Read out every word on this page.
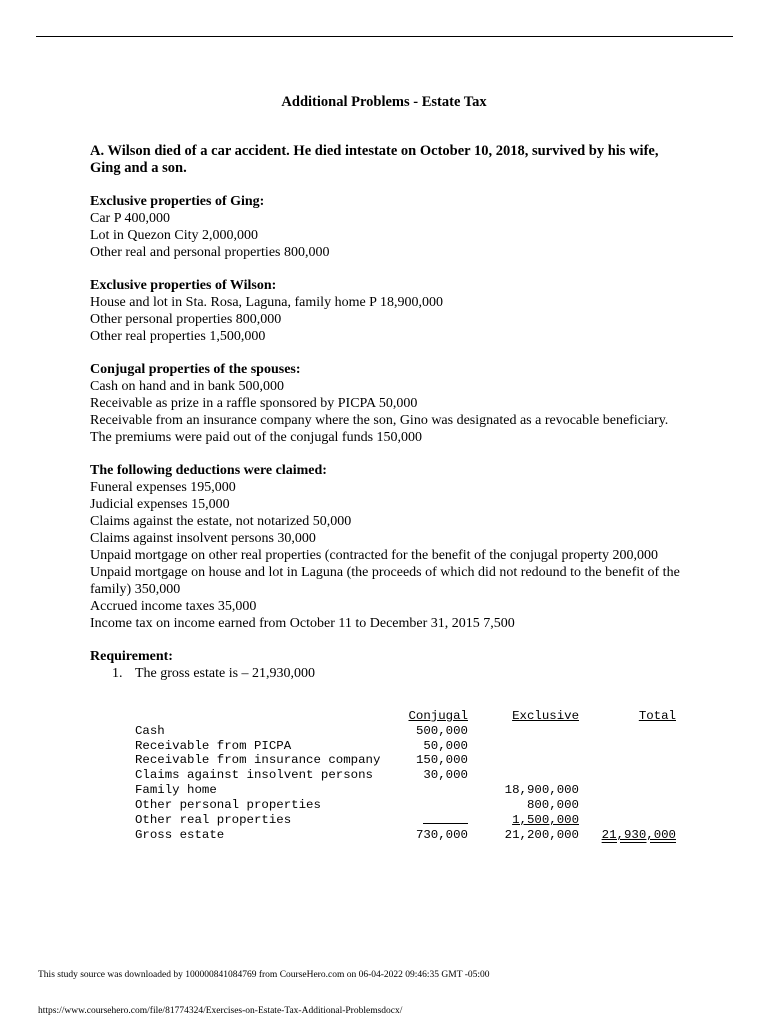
Additional Problems - Estate Tax
A. Wilson died of a car accident. He died intestate on October 10, 2018, survived by his wife, Ging and a son.
Exclusive properties of Ging:
Car P 400,000
Lot in Quezon City 2,000,000
Other real and personal properties 800,000
Exclusive properties of Wilson:
House and lot in Sta. Rosa, Laguna, family home P 18,900,000
Other personal properties 800,000
Other real properties 1,500,000
Conjugal properties of the spouses:
Cash on hand and in bank 500,000
Receivable as prize in a raffle sponsored by PICPA 50,000
Receivable from an insurance company where the son, Gino was designated as a revocable beneficiary. The premiums were paid out of the conjugal funds 150,000
The following deductions were claimed:
Funeral expenses 195,000
Judicial expenses 15,000
Claims against the estate, not notarized 50,000
Claims against insolvent persons 30,000
Unpaid mortgage on other real properties (contracted for the benefit of the conjugal property 200,000
Unpaid mortgage on house and lot in Laguna (the proceeds of which did not redound to the benefit of the family) 350,000
Accrued income taxes 35,000
Income tax on income earned from October 11 to December 31, 2015 7,500
Requirement:
1. The gross estate is – 21,930,000
	Conjugal	Exclusive	Total
Cash	500,000		
Receivable from PICPA	50,000		
Receivable from insurance company	150,000		
Claims against insolvent persons	30,000		
Family home		18,900,000	
Other personal properties		800,000	
Other real properties		1,500,000	
Gross estate	730,000	21,200,000	21,930,000
This study source was downloaded by 100000841084769 from CourseHero.com on 06-04-2022 09:46:35 GMT -05:00
https://www.coursehero.com/file/81774324/Exercises-on-Estate-Tax-Additional-Problemsdocx/
